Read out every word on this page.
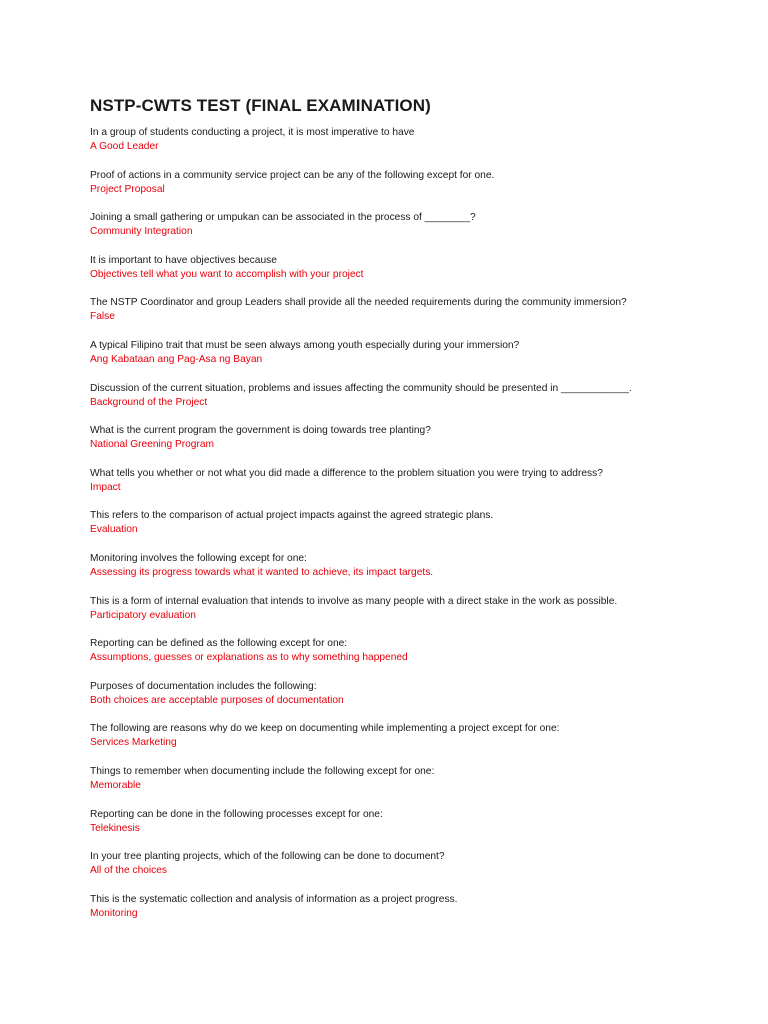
NSTP-CWTS TEST (FINAL EXAMINATION)
In a group of students conducting a project, it is most imperative to have
A Good Leader
Proof of actions in a community service project can be any of the following except for one.
Project Proposal
Joining a small gathering or umpukan can be associated in the process of ________?
Community Integration
It is important to have objectives because
Objectives tell what you want to accomplish with your project
The NSTP Coordinator and group Leaders shall provide all the needed requirements during the community immersion?
False
A typical Filipino trait that must be seen always among youth especially during your immersion?
Ang Kabataan ang Pag-Asa ng Bayan
Discussion of the current situation, problems and issues affecting the community should be presented in ____________.
Background of the Project
What is the current program the government is doing towards tree planting?
National Greening Program
What tells you whether or not what you did made a difference to the problem situation you were trying to address?
Impact
This refers to the comparison of actual project impacts against the agreed strategic plans.
Evaluation
Monitoring involves the following except for one:
Assessing its progress towards what it wanted to achieve, its impact targets.
This is a form of internal evaluation that intends to involve as many people with a direct stake in the work as possible.
Participatory evaluation
Reporting can be defined as the following except for one:
Assumptions, guesses or explanations as to why something happened
Purposes of documentation includes the following:
Both choices are acceptable purposes of documentation
The following are reasons why do we keep on documenting while implementing a project except for one:
Services Marketing
Things to remember when documenting include the following except for one:
Memorable
Reporting can be done in the following processes except for one:
Telekinesis
In your tree planting projects, which of the following can be done to document?
All of the choices
This is the systematic collection and analysis of information as a project progress.
Monitoring
